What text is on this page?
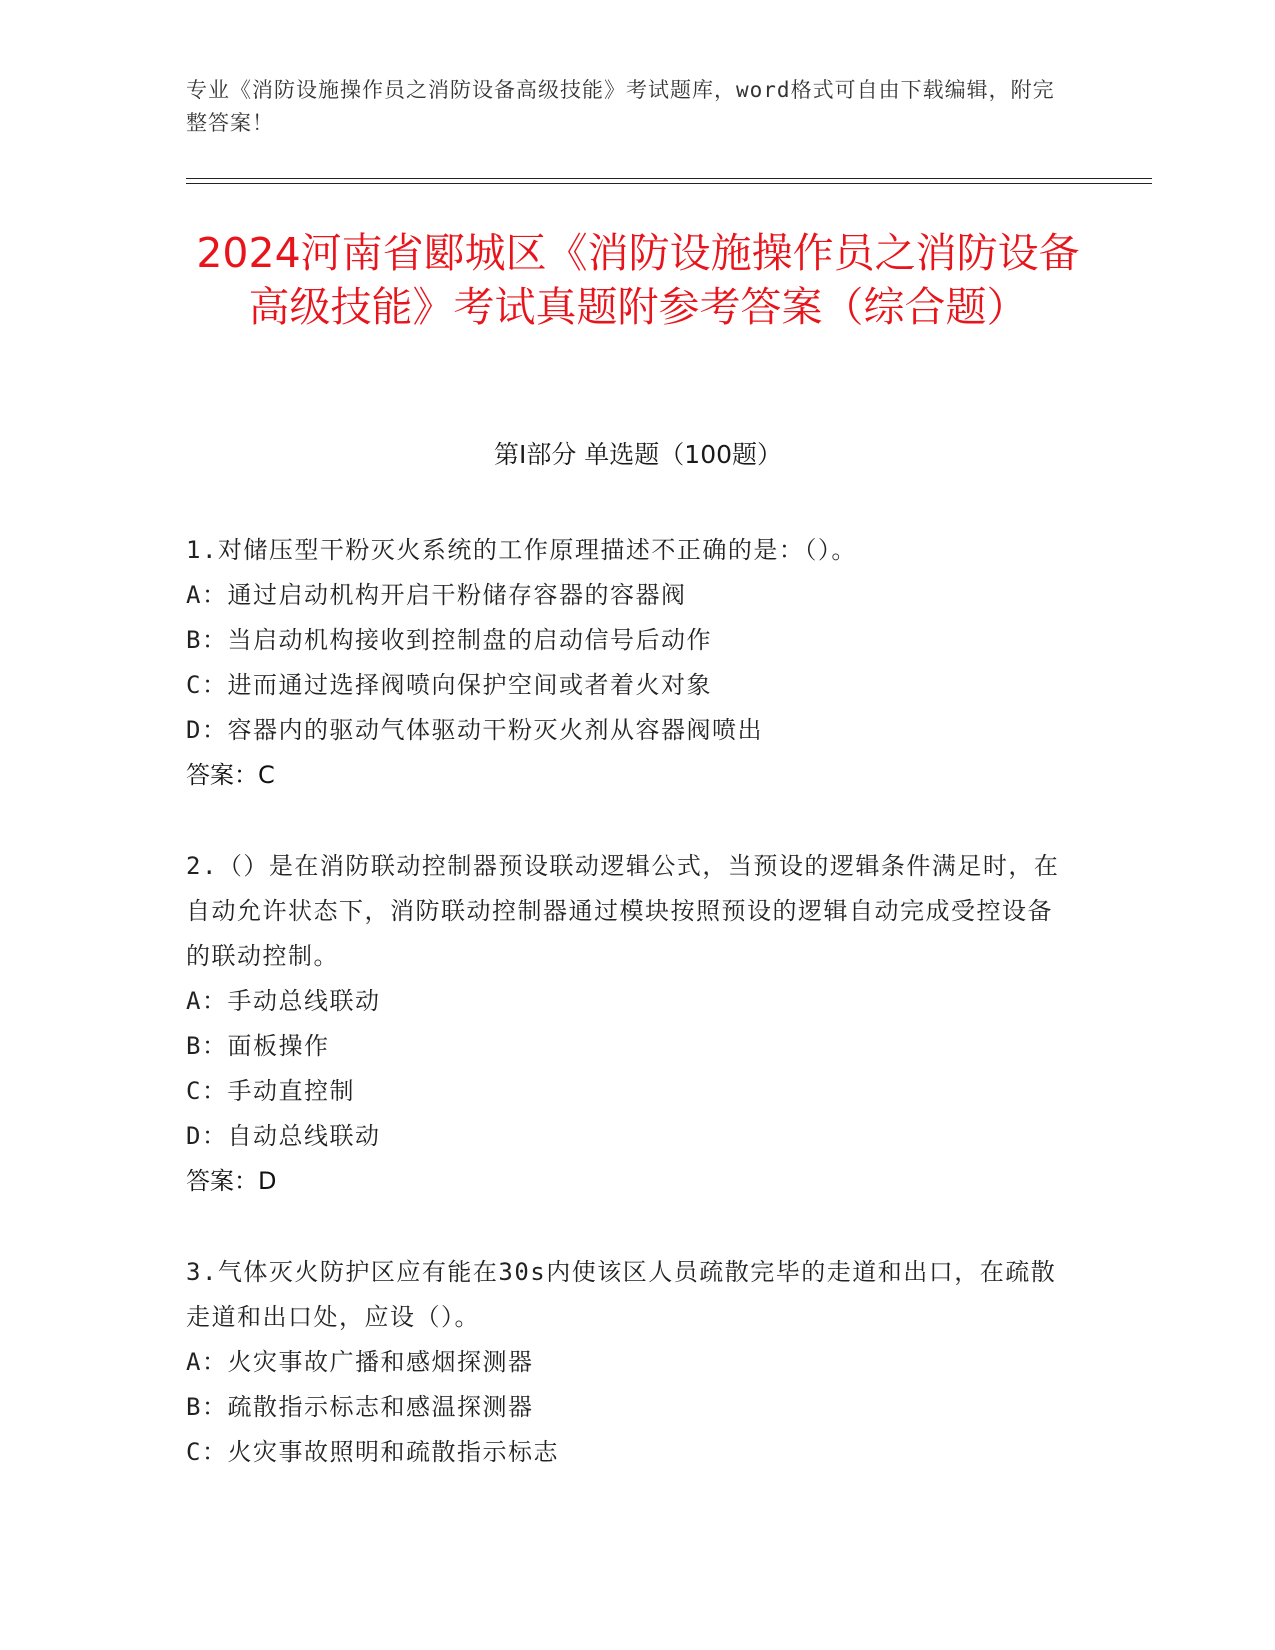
专业《消防设施操作员之消防设备高级技能》考试题库，word格式可自由下载编辑，附完整答案！

2024河南省郾城区《消防设施操作员之消防设备高级技能》考试真题附参考答案（综合题）
第Ⅰ部分 单选题（100题）

1.对储压型干粉灭火系统的工作原理描述不正确的是：（）。

A：通过启动机构开启干粉储存容器的容器阀

B：当启动机构接收到控制盘的启动信号后动作

C：进而通过选择阀喷向保护空间或者着火对象

D：容器内的驱动气体驱动干粉灭火剂从容器阀喷出

答案：C

2.（）是在消防联动控制器预设联动逻辑公式，当预设的逻辑条件满足时，在自动允许状态下，消防联动控制器通过模块按照预设的逻辑自动完成受控设备的联动控制。

A：手动总线联动

B：面板操作

C：手动直控制

D：自动总线联动

答案：D

3.气体灭火防护区应有能在30s内使该区人员疏散完毕的走道和出口，在疏散走道和出口处，应设（）。

A：火灾事故广播和感烟探测器

B：疏散指示标志和感温探测器

C：火灾事故照明和疏散指示标志
